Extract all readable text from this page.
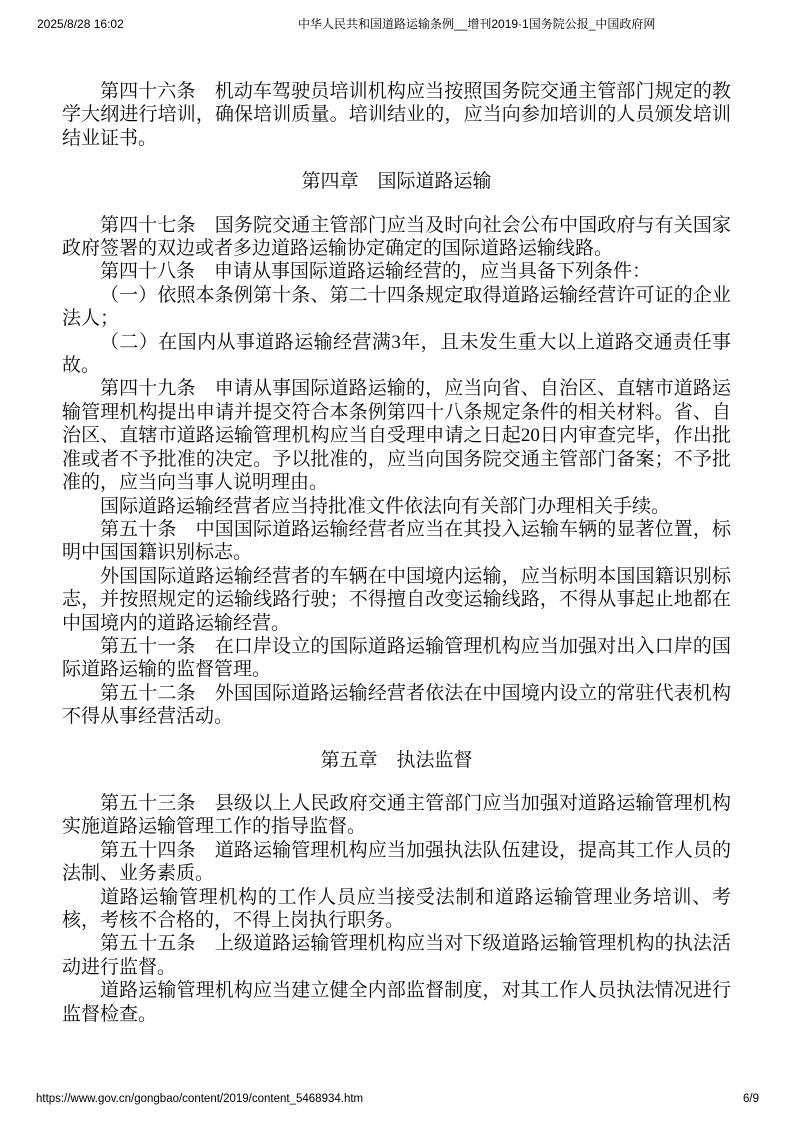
2025/8/28 16:02	中华人民共和国道路运输条例__增刊2019·1国务院公报_中国政府网

第四十六条　机动车驾驶员培训机构应当按照国务院交通主管部门规定的教学大纲进行培训，确保培训质量。培训结业的，应当向参加培训的人员颁发培训结业证书。

第四章　国际道路运输

第四十七条　国务院交通主管部门应当及时向社会公布中国政府与有关国家政府签署的双边或者多边道路运输协定确定的国际道路运输线路。

第四十八条　申请从事国际道路运输经营的，应当具备下列条件：

（一）依照本条例第十条、第二十四条规定取得道路运输经营许可证的企业法人；

（二）在国内从事道路运输经营满3年，且未发生重大以上道路交通责任事故。

第四十九条　申请从事国际道路运输的，应当向省、自治区、直辖市道路运输管理机构提出申请并提交符合本条例第四十八条规定条件的相关材料。省、自治区、直辖市道路运输管理机构应当自受理申请之日起20日内审查完毕，作出批准或者不予批准的决定。予以批准的，应当向国务院交通主管部门备案；不予批准的，应当向当事人说明理由。

国际道路运输经营者应当持批准文件依法向有关部门办理相关手续。

第五十条　中国国际道路运输经营者应当在其投入运输车辆的显著位置，标明中国国籍识别标志。

外国国际道路运输经营者的车辆在中国境内运输，应当标明本国国籍识别标志，并按照规定的运输线路行驶；不得擅自改变运输线路，不得从事起止地都在中国境内的道路运输经营。

第五十一条　在口岸设立的国际道路运输管理机构应当加强对出入口岸的国际道路运输的监督管理。

第五十二条　外国国际道路运输经营者依法在中国境内设立的常驻代表机构不得从事经营活动。

第五章　执法监督

第五十三条　县级以上人民政府交通主管部门应当加强对道路运输管理机构实施道路运输管理工作的指导监督。

第五十四条　道路运输管理机构应当加强执法队伍建设，提高其工作人员的法制、业务素质。

道路运输管理机构的工作人员应当接受法制和道路运输管理业务培训、考核，考核不合格的，不得上岗执行职务。

第五十五条　上级道路运输管理机构应当对下级道路运输管理机构的执法活动进行监督。

道路运输管理机构应当建立健全内部监督制度，对其工作人员执法情况进行监督检查。

https://www.gov.cn/gongbao/content/2019/content_5468934.htm	6/9
